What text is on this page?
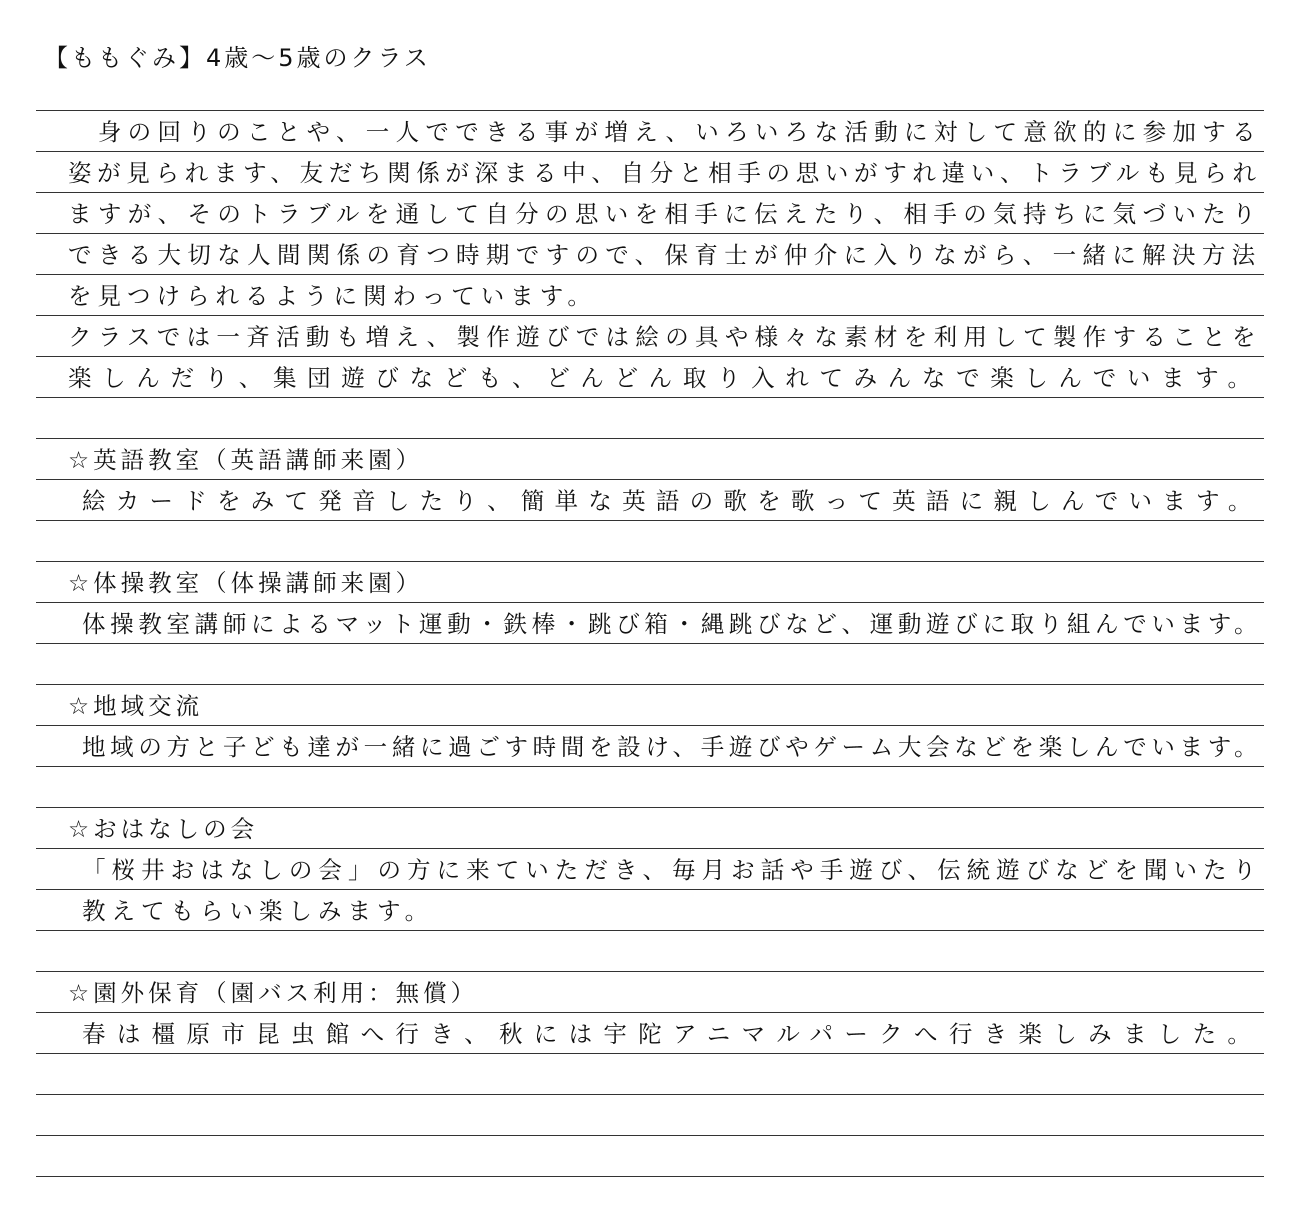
【ももぐみ】4歳～5歳のクラス
　身の回りのことや、一人でできる事が増え、いろいろな活動に対して意欲的に参加する
姿が見られます、友だち関係が深まる中、自分と相手の思いがすれ違い、トラブルも見られ
ますが、そのトラブルを通して自分の思いを相手に伝えたり、相手の気持ちに気づいたり
できる大切な人間関係の育つ時期ですので、保育士が仲介に入りながら、一緒に解決方法
を見つけられるように関わっています。
クラスでは一斉活動も増え、製作遊びでは絵の具や様々な素材を利用して製作することを
楽しんだり、集団遊びなども、どんどん取り入れてみんなで楽しんでいます。
☆英語教室（英語講師来園）
絵カードをみて発音したり、簡単な英語の歌を歌って英語に親しんでいます。
☆体操教室（体操講師来園）
体操教室講師によるマット運動・鉄棒・跳び箱・縄跳びなど、運動遊びに取り組んでいます。
☆地域交流
地域の方と子ども達が一緒に過ごす時間を設け、手遊びやゲーム大会などを楽しんでいます。
☆おはなしの会
「桜井おはなしの会」の方に来ていただき、毎月お話や手遊び、伝統遊びなどを聞いたり
教えてもらい楽しみます。
☆園外保育（園バス利用：無償）
春は橿原市昆虫館へ行き、秋には宇陀アニマルパークへ行き楽しみました。
